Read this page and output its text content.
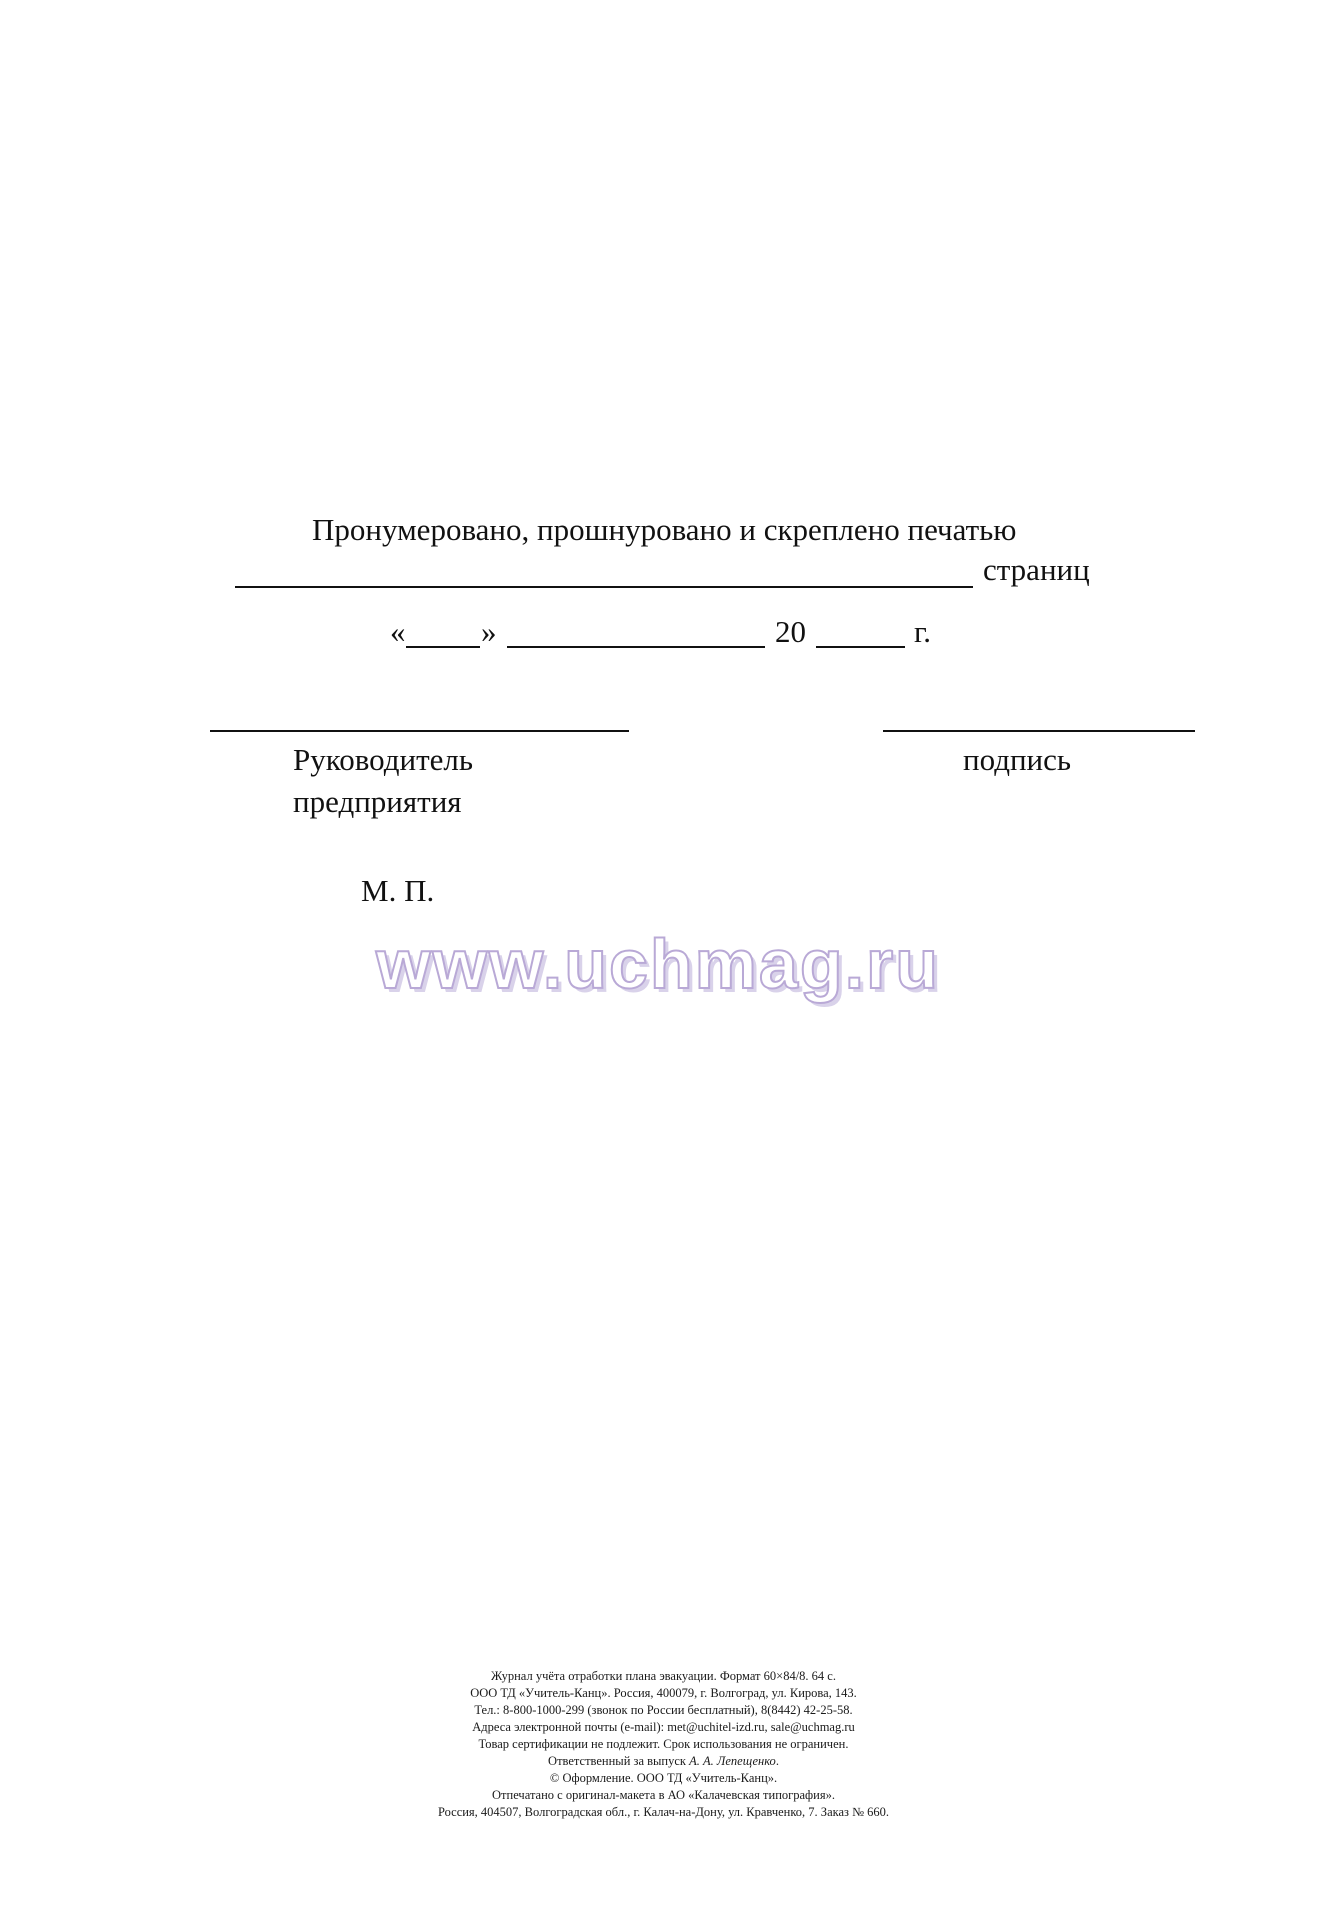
Пронумеровано, прошнуровано и скреплено печатью
страниц
« »	20	г.
Руководитель
предприятия
подпись
М. П.
www.uchmag.ru
Журнал учёта отработки плана эвакуации. Формат 60×84/8. 64 с.
ООО ТД «Учитель-Канц». Россия, 400079, г. Волгоград, ул. Кирова, 143.
Тел.: 8-800-1000-299 (звонок по России бесплатный), 8(8442) 42-25-58.
Адреса электронной почты (e-mail): met@uchitel-izd.ru, sale@uchmag.ru
Товар сертификации не подлежит. Срок использования не ограничен.
Ответственный за выпуск А. А. Лепещенко.
© Оформление. ООО ТД «Учитель-Канц».
Отпечатано с оригинал-макета в АО «Калачевская типография».
Россия, 404507, Волгоградская обл., г. Калач-на-Дону, ул. Кравченко, 7. Заказ № 660.
